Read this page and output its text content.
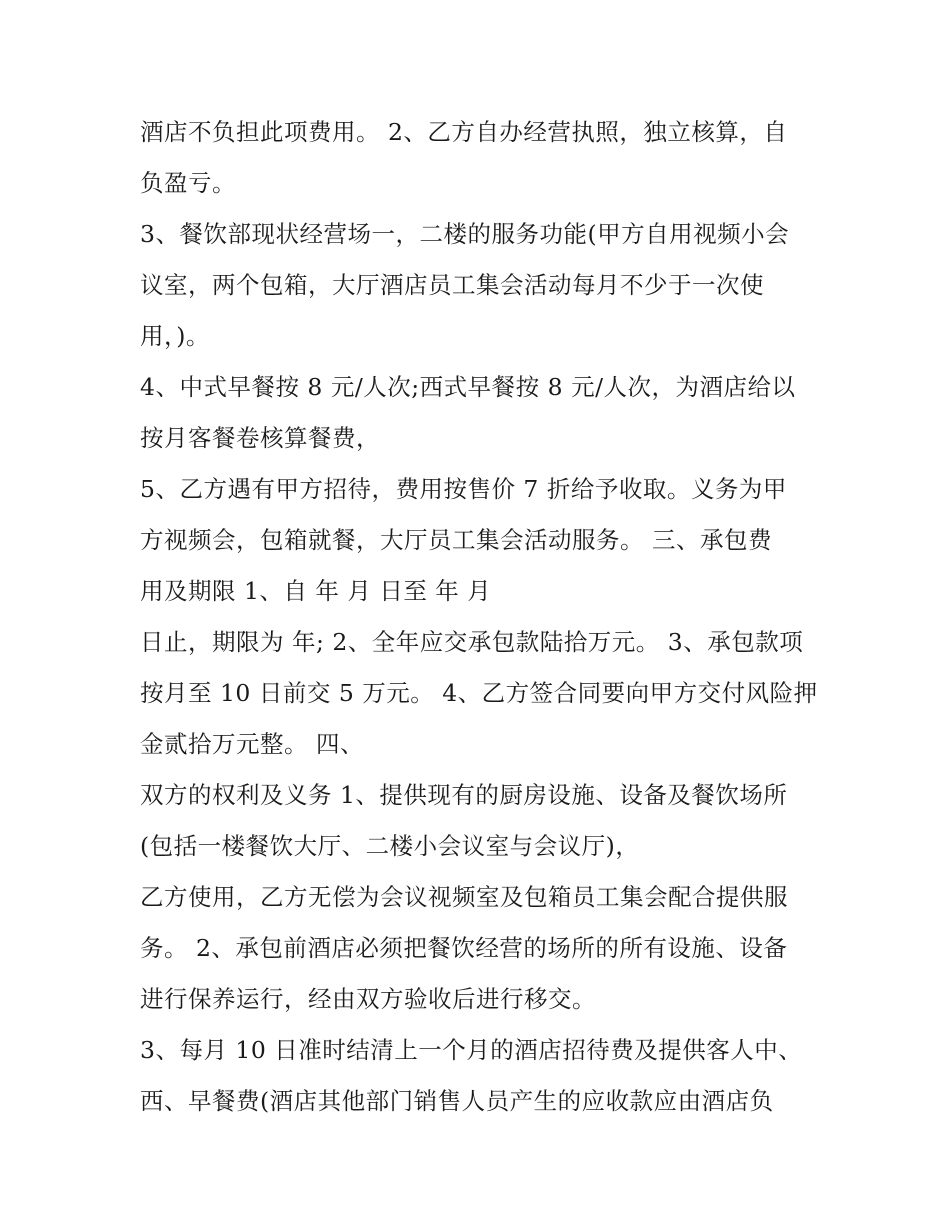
酒店不负担此项费用。 2、乙方自办经营执照，独立核算，自
负盈亏。
3、餐饮部现状经营场一，二楼的服务功能(甲方自用视频小会
议室，两个包箱，大厅酒店员工集会活动每月不少于一次使
用，)。
4、中式早餐按 8 元/人次;西式早餐按 8 元/人次，为酒店给以
按月客餐卷核算餐费，
5、乙方遇有甲方招待，费用按售价 7 折给予收取。义务为甲
方视频会，包箱就餐，大厅员工集会活动服务。 三、承包费
用及期限 1、自 年 月 日至 年 月
日止，期限为 年; 2、全年应交承包款陆拾万元。 3、承包款项
按月至 10 日前交 5 万元。 4、乙方签合同要向甲方交付风险押
金贰拾万元整。 四、
双方的权利及义务 1、提供现有的厨房设施、设备及餐饮场所
(包括一楼餐饮大厅、二楼小会议室与会议厅)，
乙方使用，乙方无偿为会议视频室及包箱员工集会配合提供服
务。 2、承包前酒店必须把餐饮经营的场所的所有设施、设备
进行保养运行，经由双方验收后进行移交。
3、每月 10 日准时结清上一个月的酒店招待费及提供客人中、
西、早餐费(酒店其他部门销售人员产生的应收款应由酒店负
